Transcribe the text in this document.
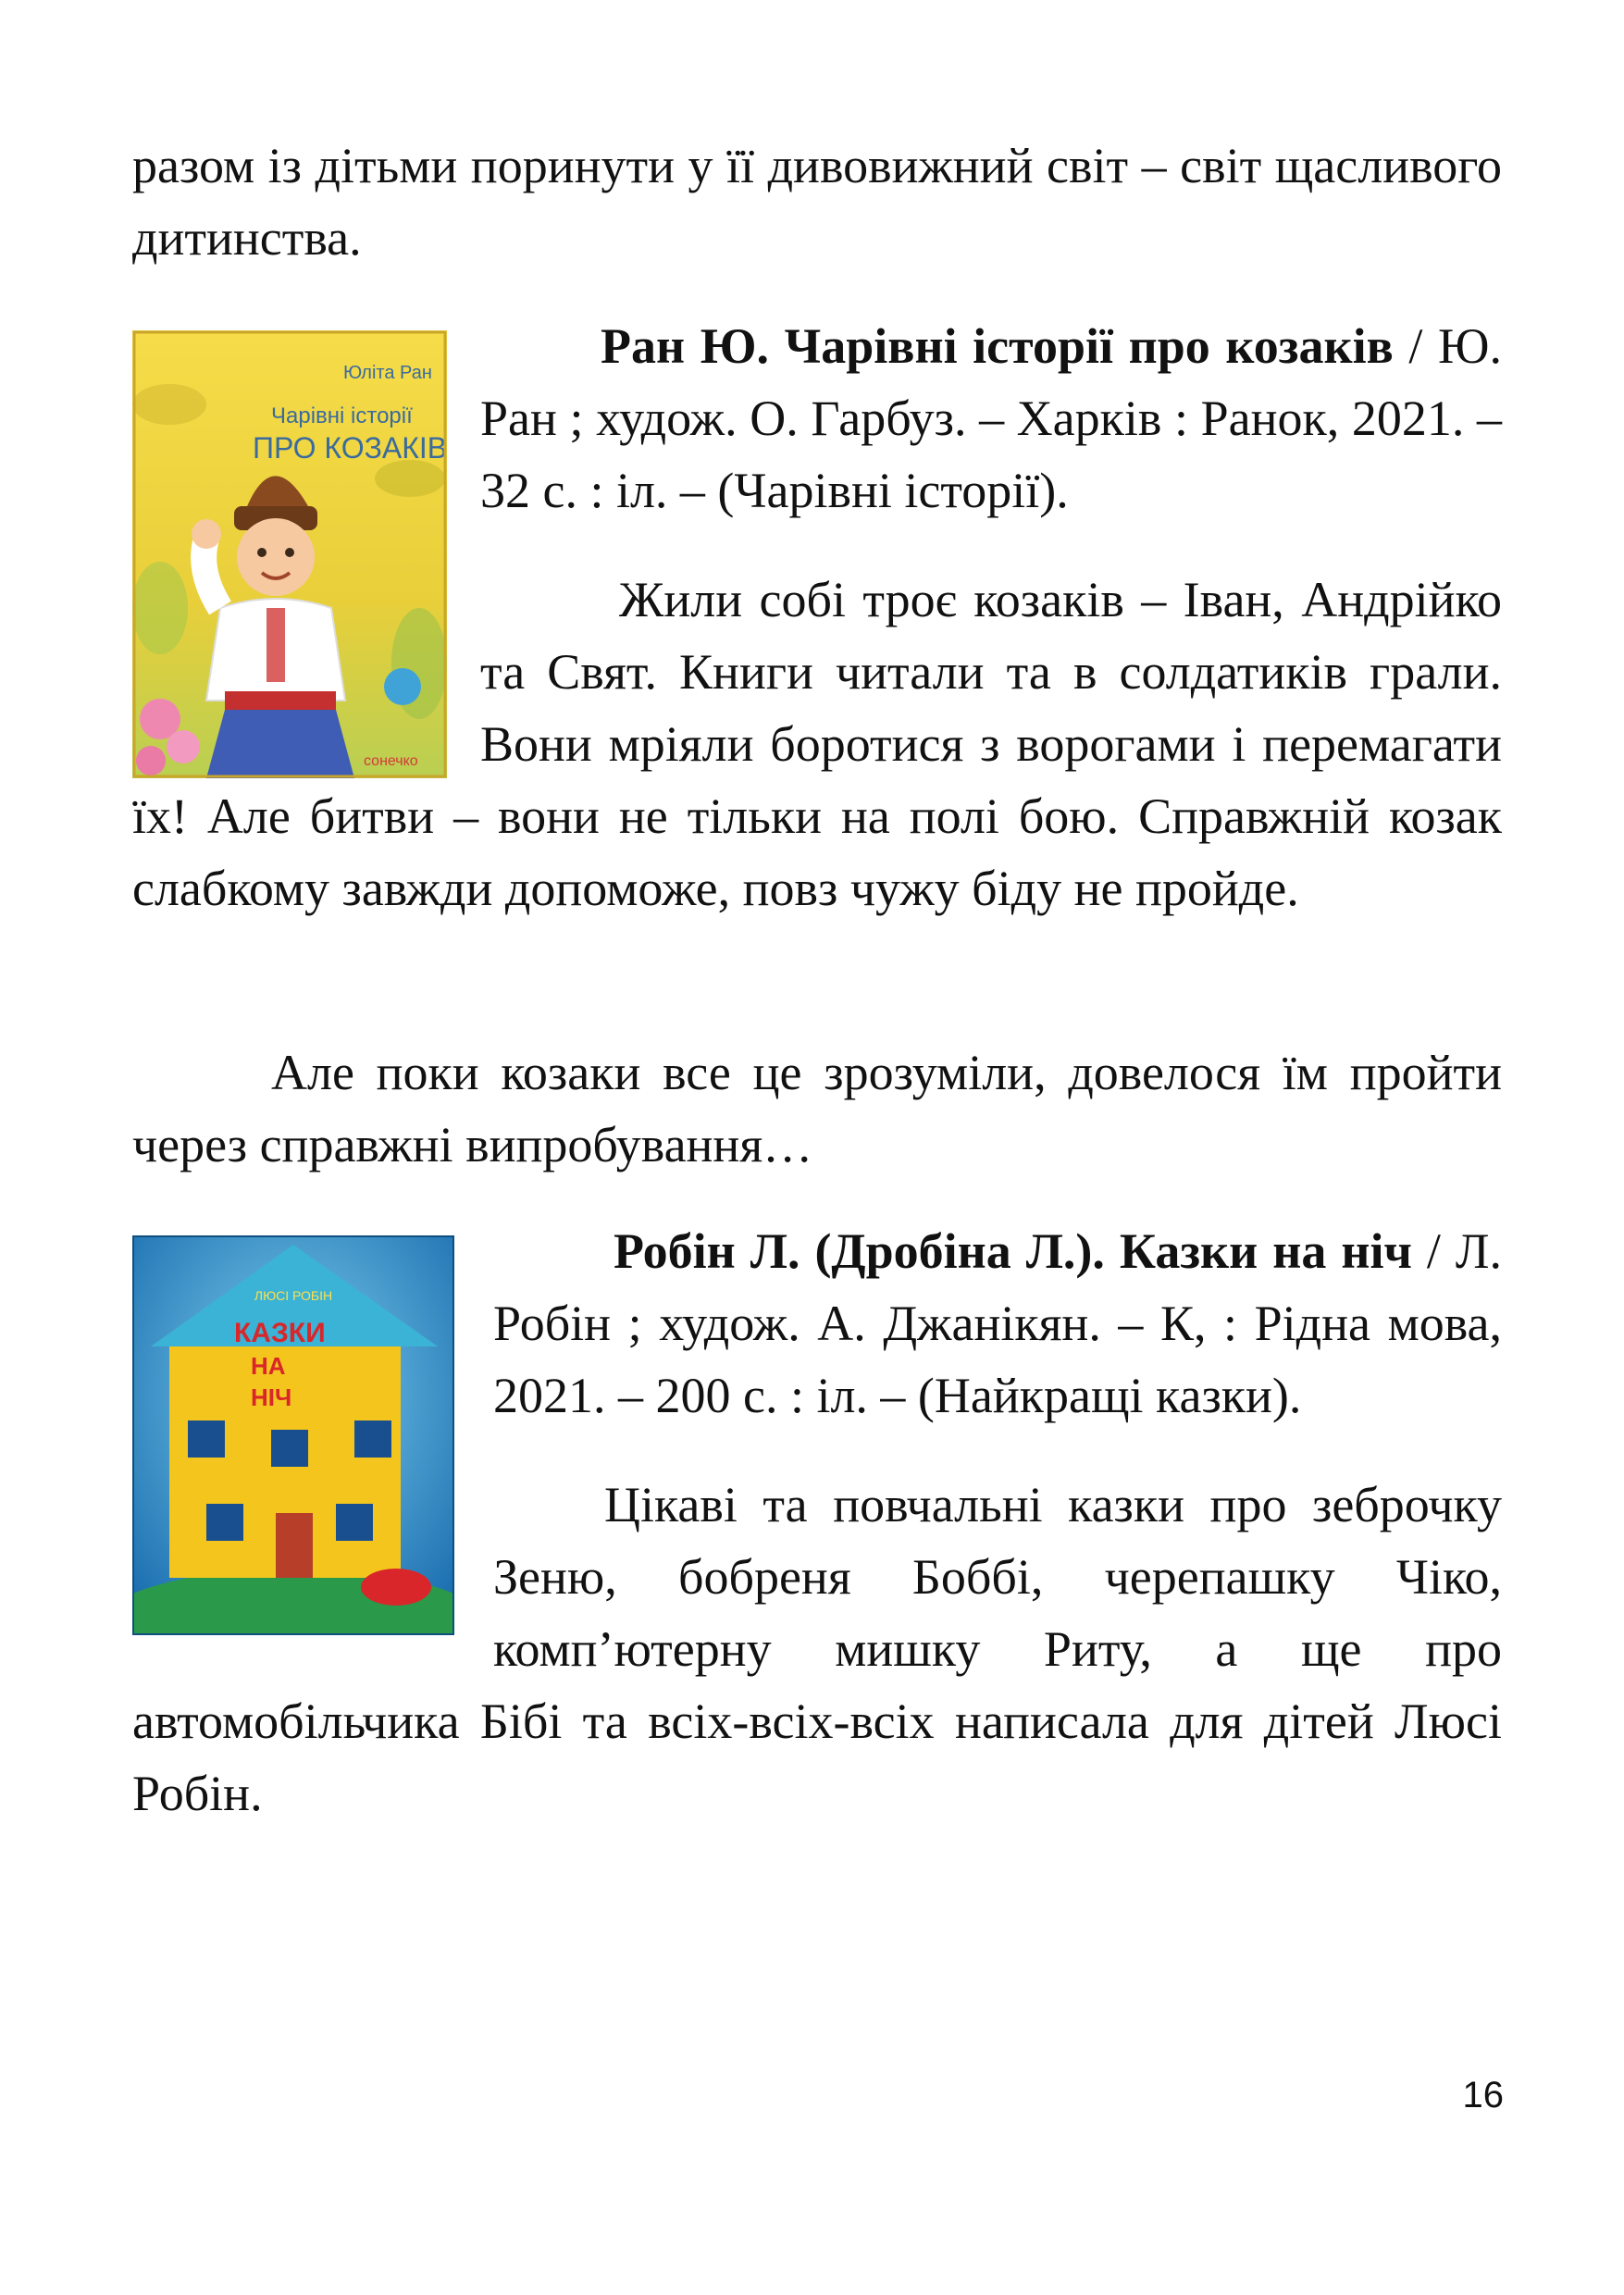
разом із дітьми поринути у її дивовижний світ – світ щасливого дитинства.

Юліта Ран
Чарівні історії
ПРО КОЗАКІВ
сонечко

Ран Ю. Чарівні історії про козаків / Ю. Ран ; худож. О. Гарбуз. – Харків : Ранок, 2021. – 32 с. : іл. – (Чарівні історії).

Жили собі троє козаків – Іван, Андрійко та Свят. Книги читали та в солдатиків грали. Вони мріяли боротися з ворогами і перемагати їх! Але битви – вони не тільки на полі бою. Справжній козак слабкому завжди допоможе, повз чужу біду не пройде.

Але поки козаки все це зрозуміли, довелося їм пройти через справжні випробування…

ЛЮСІ РОБІН
КАЗКИ
НА
НІЧ

Робін Л. (Дробіна Л.). Казки на ніч / Л. Робін ; худож. А. Джанікян. – К, : Рідна мова, 2021. – 200 с. : іл. – (Найкращі казки).

Цікаві та повчальні казки про зеброчку Зеню, бобреня Боббі, черепашку Чіко, комп’ютерну мишку Риту, а ще про автомобільчика Бібі та всіх-всіх-всіх написала для дітей Люсі Робін.

16
